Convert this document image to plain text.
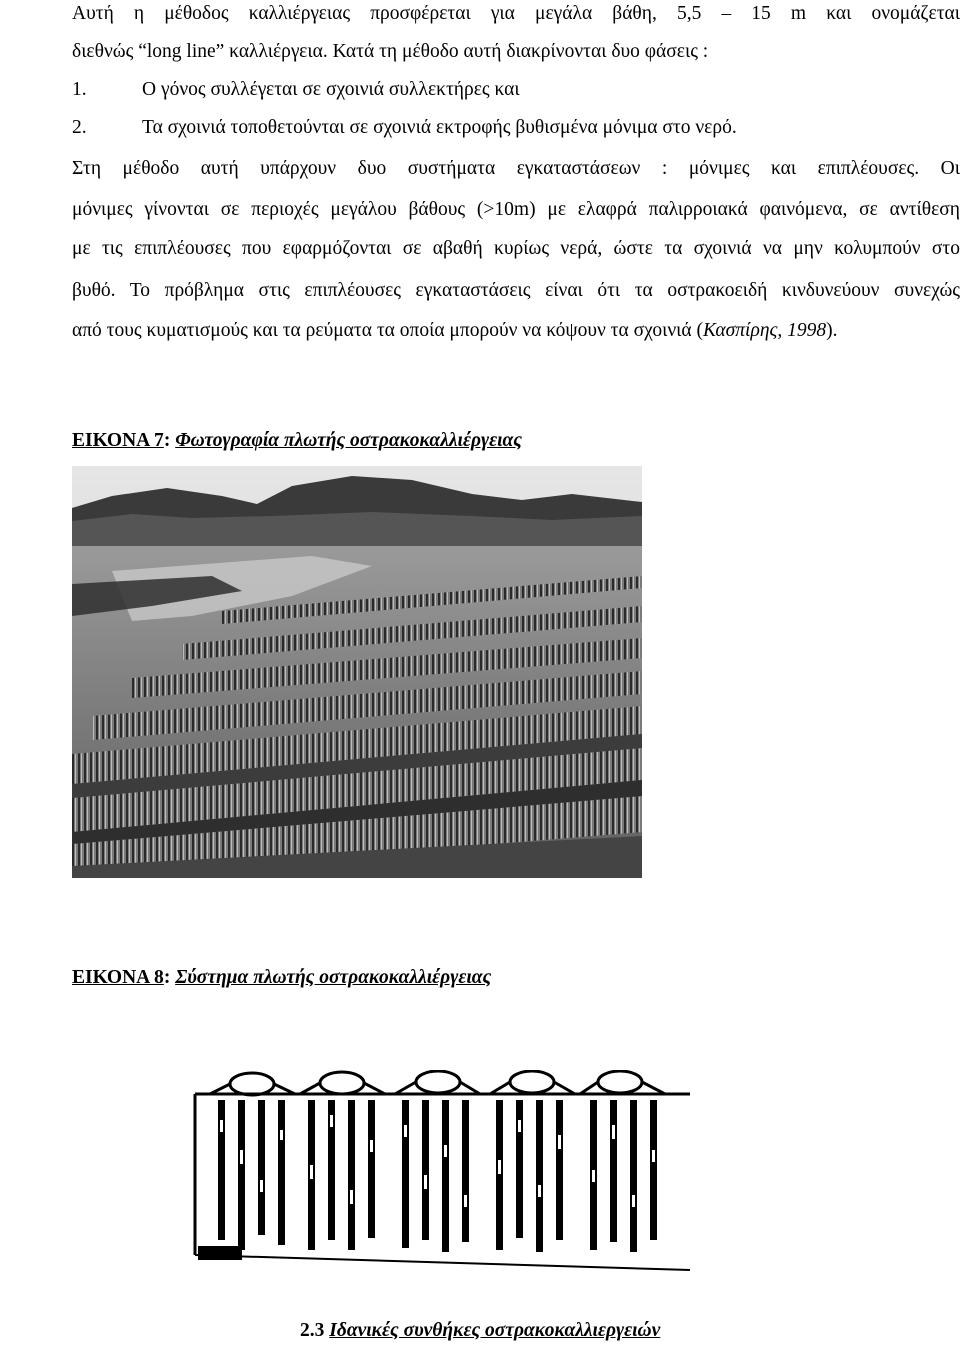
Αυτή η μέθοδος καλλιέργειας προσφέρεται για μεγάλα βάθη, 5,5 – 15 m και ονομάζεται
διεθνώς “long line” καλλιέργεια. Κατά τη μέθοδο αυτή διακρίνονται δυο φάσεις :
1.	Ο γόνος συλλέγεται σε σχοινιά συλλεκτήρες και
2.	Τα σχοινιά τοποθετούνται σε σχοινιά εκτροφής βυθισμένα μόνιμα στο νερό.
Στη μέθοδο αυτή υπάρχουν δυο συστήματα εγκαταστάσεων : μόνιμες και επιπλέουσες. Οι
μόνιμες γίνονται σε περιοχές μεγάλου βάθους (>10m) με ελαφρά παλιρροιακά φαινόμενα, σε αντίθεση
με τις επιπλέουσες που εφαρμόζονται σε αβαθή κυρίως νερά, ώστε τα σχοινιά να μην κολυμπούν στο
βυθό. Το πρόβλημα στις επιπλέουσες εγκαταστάσεις είναι ότι τα οστρακοειδή κινδυνεύουν συνεχώς
από τους κυματισμούς και τα ρεύματα τα οποία μπορούν να κόψουν τα σχοινιά (Κασπίρης, 1998).
ΕΙΚΟΝΑ 7: Φωτογραφία πλωτής οστρακοκαλλιέργειας
ΕΙΚΟΝΑ 8: Σύστημα πλωτής οστρακοκαλλιέργειας
2.3 Ιδανικές συνθήκες οστρακοκαλλιεργειών
